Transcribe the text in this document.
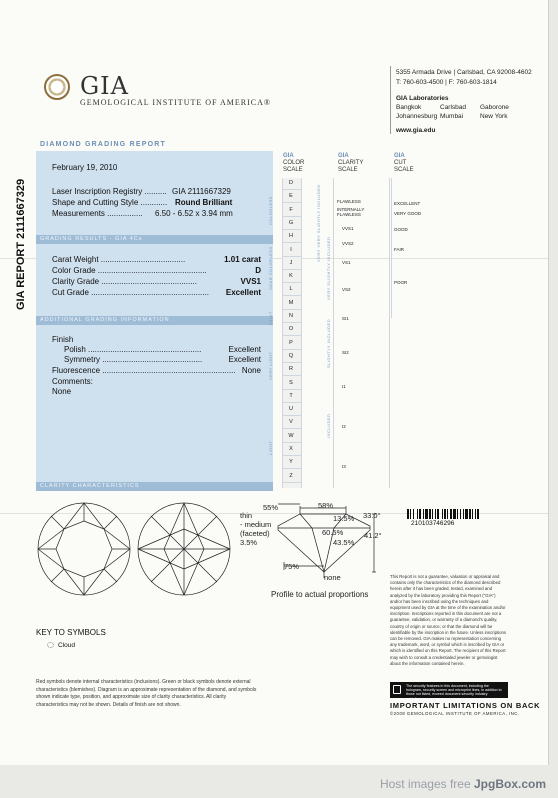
GIA
GEMOLOGICAL INSTITUTE OF AMERICA®
5355 Armada Drive | Carlsbad, CA 92008-4602
T: 760-603-4500 | F: 760-603-1814
GIA Laboratories
Bangkok	Carlsbad Gaborone
Johannesburg Mumbai	New York
www.gia.edu
DIAMOND GRADING REPORT
GIA REPORT 2111667329
February 19, 2010
Laser Inscription Registry .......... GIA 2111667329
Shape and Cutting Style ............ Round Brilliant
Measurements ................ 6.50 - 6.52 x 3.94 mm
GRADING RESULTS - GIA 4Cs
Carat Weight ......................................	1.01 carat
Color Grade .................................................	D
Clarity Grade ...........................................	VVS1
Cut Grade ..................................................... Excellent
ADDITIONAL GRADING INFORMATION
Finish
Polish ...................................................	Excellent
Symmetry .............................................	Excellent
Fluorescence ............................................................ None
Comments:
None
CLARITY CHARACTERISTICS
GIA
COLOR
SCALE
D
E
F
G
H
I
J
K
L
M
N
O
P
Q
R
S
T
U
V
W
X
Y
Z
COLORLESS
NEAR COLORLESS
FAINT
VERY LIGHT
LIGHT
GIA
CLARITY
SCALE
FLAWLESS
INTERNALLY FLAWLESS
VVS1
VVS2
VS1
VS2
SI1
SI2
I1
I2
I3
VERY VERY SLIGHTLY INCLUDED
VERY SLIGHTLY INCLUDED
SLIGHTLY INCLUDED
INCLUDED
GIA
CUT
SCALE
EXCELLENT
VERY GOOD
GOOD
FAIR
POOR
58%
55%
13.5% 33.0°
thin
- medium
(faceted)
3.5%
60.5%	41.2°
43.5%
75%
none
Profile to actual proportions
210103746296
This Report is not a guarantee, valuation or appraisal and contains only the characteristics of the diamond described herein after it has been graded, tested, examined and analyzed by the laboratory providing this Report ("GIA") and/or has been inscribed using the techniques and equipment used by GIA at the time of the examination and/or inscription. Inscriptions reported in this document are not a guarantee, validation, or warranty of a diamond's quality, country of origin or source; or that the diamond will be identifiable by the inscription in the future. Unless inscriptions can be removed. GIA makes no representation concerning any trademark, word, or symbol which is inscribed by GIA or which is identified on this Report. The recipient of this Report may wish to consult a credentialed jeweler or gemologist about the information contained herein.
The security features in this document, including the hologram, security screen and microprint lines, in addition to those not listed, exceed document security industry guidelines.
IMPORTANT LIMITATIONS ON BACK
©2008 GEMOLOGICAL INSTITUTE OF AMERICA, INC.
KEY TO SYMBOLS
Cloud
Red symbols denote internal characteristics (inclusions). Green or black symbols denote external characteristics (blemishes). Diagram is an approximate representation of the diamond, and symbols shown indicate type, position, and approximate size of clarity characteristics. All clarity characteristics may not be shown. Details of finish are not shown.
Host images free JpgBox.com
